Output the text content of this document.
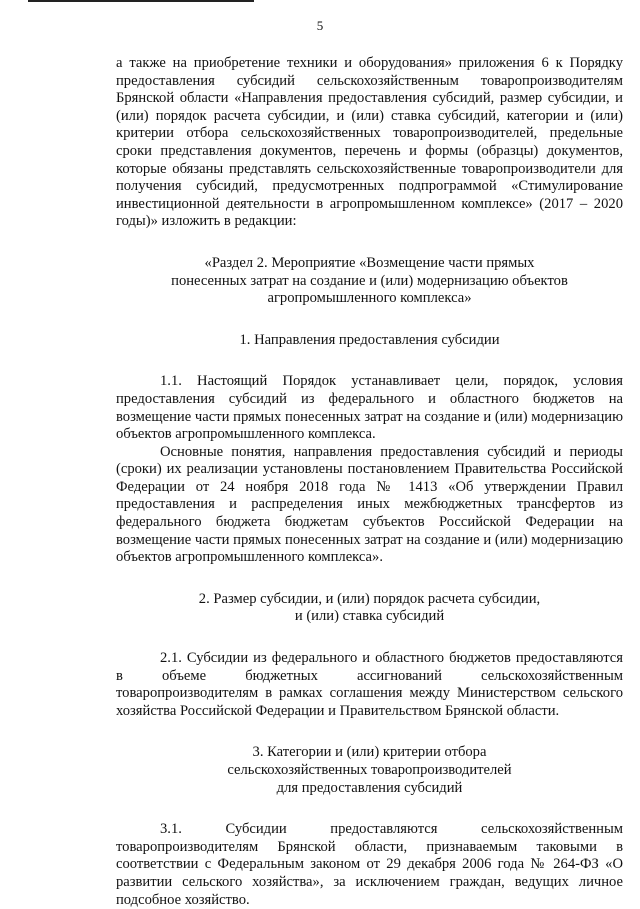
5

а также на приобретение техники и оборудования» приложения 6 к Порядку предоставления субсидий сельскохозяйственным товаропроизводителям Брянской области «Направления предоставления субсидий, размер субсидии, и (или) порядок расчета субсидии, и (или) ставка субсидий, категории и (или) критерии отбора сельскохозяйственных товаропроизводителей, предельные сроки представления документов, перечень и формы (образцы) документов, которые обязаны представлять сельскохозяйственные товаропроизводители для получения субсидий, предусмотренных подпрограммой «Стимулирование инвестиционной деятельности в агропромышленном комплексе» (2017 – 2020 годы)» изложить в редакции:

«Раздел 2. Мероприятие «Возмещение части прямых
понесенных затрат на создание и (или) модернизацию объектов
агропромышленного комплекса»
1. Направления предоставления субсидии

1.1. Настоящий Порядок устанавливает цели, порядок, условия предоставления субсидий из федерального и областного бюджетов на возмещение части прямых понесенных затрат на создание и (или) модернизацию объектов агропромышленного комплекса.

Основные понятия, направления предоставления субсидий и периоды (сроки) их реализации установлены постановлением Правительства Российской Федерации от 24 ноября 2018 года № 1413 «Об утверждении Правил предоставления и распределения иных межбюджетных трансфертов из федерального бюджета бюджетам субъектов Российской Федерации на возмещение части прямых понесенных затрат на создание и (или) модернизацию объектов агропромышленного комплекса».

2. Размер субсидии, и (или) порядок расчета субсидии,
и (или) ставка субсидий

2.1. Субсидии из федерального и областного бюджетов предоставляются в объеме бюджетных ассигнований сельскохозяйственным товаропроизводителям в рамках соглашения между Министерством сельского хозяйства Российской Федерации и Правительством Брянской области.

3. Категории и (или) критерии отбора
сельскохозяйственных товаропроизводителей
для предоставления субсидий

3.1. Субсидии предоставляются сельскохозяйственным товаропроизводителям Брянской области, признаваемым таковыми в соответствии с Федеральным законом от 29 декабря 2006 года № 264-ФЗ «О развитии сельского хозяйства», за исключением граждан, ведущих личное подсобное хозяйство.
